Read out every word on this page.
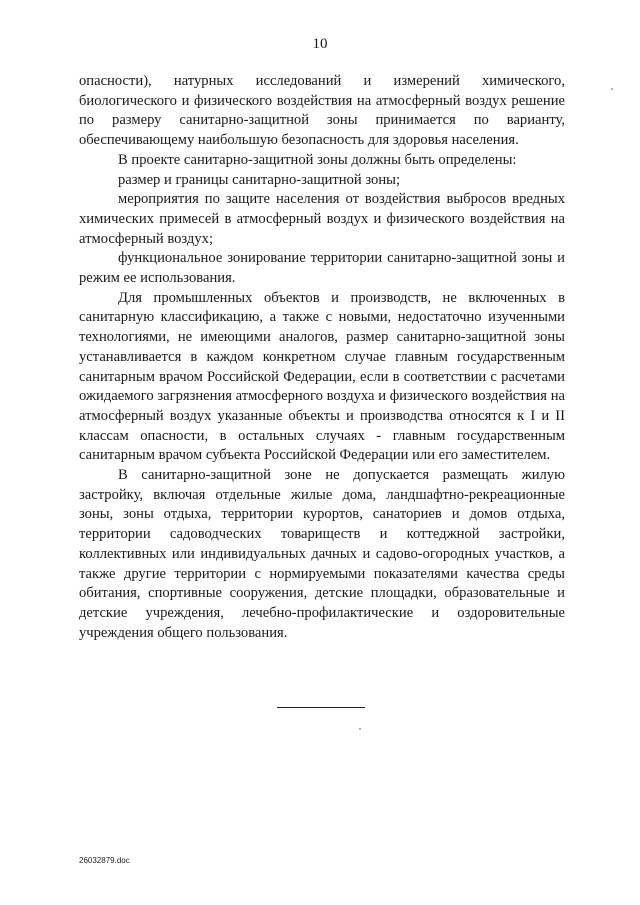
10

опасности), натурных исследований и измерений химического, биологического и физического воздействия на атмосферный воздух решение по размеру санитарно-защитной зоны принимается по варианту, обеспечивающему наибольшую безопасность для здоровья населения.

В проекте санитарно-защитной зоны должны быть определены:

размер и границы санитарно-защитной зоны;

мероприятия по защите населения от воздействия выбросов вредных химических примесей в атмосферный воздух и физического воздействия на атмосферный воздух;

функциональное зонирование территории санитарно-защитной зоны и режим ее использования.

Для промышленных объектов и производств, не включенных в санитарную классификацию, а также с новыми, недостаточно изученными технологиями, не имеющими аналогов, размер санитарно-защитной зоны устанавливается в каждом конкретном случае главным государственным санитарным врачом Российской Федерации, если в соответствии с расчетами ожидаемого загрязнения атмосферного воздуха и физического воздействия на атмосферный воздух указанные объекты и производства относятся к I и II классам опасности, в остальных случаях - главным государственным санитарным врачом субъекта Российской Федерации или его заместителем.

В санитарно-защитной зоне не допускается размещать жилую застройку, включая отдельные жилые дома, ландшафтно-рекреационные зоны, зоны отдыха, территории курортов, санаториев и домов отдыха, территории садоводческих товариществ и коттеджной застройки, коллективных или индивидуальных дачных и садово-огородных участков, а также другие территории с нормируемыми показателями качества среды обитания, спортивные сооружения, детские площадки, образовательные и детские учреждения, лечебно-профилактические и оздоровительные учреждения общего пользования.

26032879.doc
